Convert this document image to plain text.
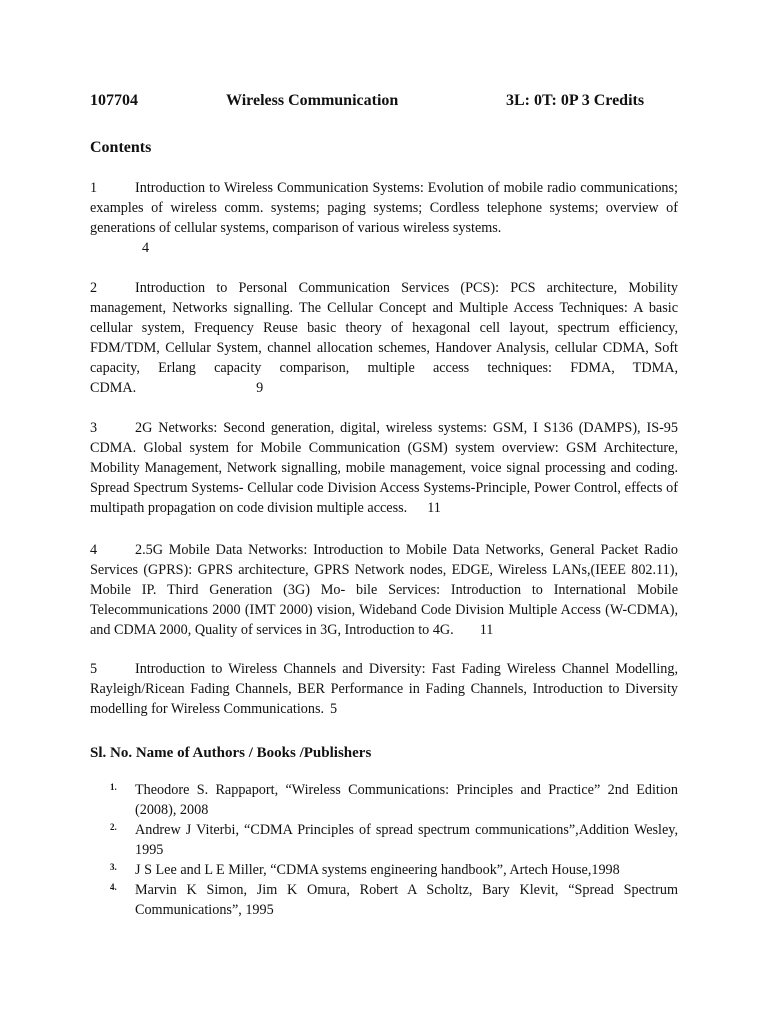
107704	Wireless Communication	3L: 0T: 0P 3 Credits
Contents
1	Introduction to Wireless Communication Systems: Evolution of mobile radio communications; examples of wireless comm. systems; paging systems; Cordless telephone systems; overview of generations of cellular systems, comparison of various wireless systems.
4
2	Introduction to Personal Communication Services (PCS): PCS architecture, Mobility management, Networks signalling. The Cellular Concept and Multiple Access Techniques: A basic cellular system, Frequency Reuse basic theory of hexagonal cell layout, spectrum efficiency, FDM/TDM, Cellular System, channel allocation schemes, Handover Analysis, cellular CDMA, Soft capacity, Erlang capacity comparison, multiple access techniques: FDMA, TDMA, CDMA.	9
3	2G Networks: Second generation, digital, wireless systems: GSM, I S136 (DAMPS), IS-95 CDMA. Global system for Mobile Communication (GSM) system overview: GSM Architecture, Mobility Management, Network signalling, mobile management, voice signal processing and coding. Spread Spectrum Systems- Cellular code Division Access Systems-Principle, Power Control, effects of multipath propagation on code division multiple access. 11
4	2.5G Mobile Data Networks: Introduction to Mobile Data Networks, General Packet Radio Services (GPRS): GPRS architecture, GPRS Network nodes, EDGE, Wireless LANs,(IEEE 802.11), Mobile IP. Third Generation (3G) Mo- bile Services: Introduction to International Mobile Telecommunications 2000 (IMT 2000) vision, Wideband Code Division Multiple Access (W-CDMA), and CDMA 2000, Quality of services in 3G, Introduction to 4G. 11
5	Introduction to Wireless Channels and Diversity: Fast Fading Wireless Channel Modelling, Rayleigh/Ricean Fading Channels, BER Performance in Fading Channels, Introduction to Diversity modelling for Wireless Communications. 5
Sl. No. Name of Authors / Books /Publishers
1. Theodore S. Rappaport, “Wireless Communications: Principles and Practice” 2nd Edition (2008), 2008
2. Andrew J Viterbi, “CDMA Principles of spread spectrum communications”,Addition Wesley, 1995
3. J S Lee and L E Miller, “CDMA systems engineering handbook”, Artech House,1998
4. Marvin K Simon, Jim K Omura, Robert A Scholtz, Bary Klevit, “Spread Spectrum Communications”, 1995
